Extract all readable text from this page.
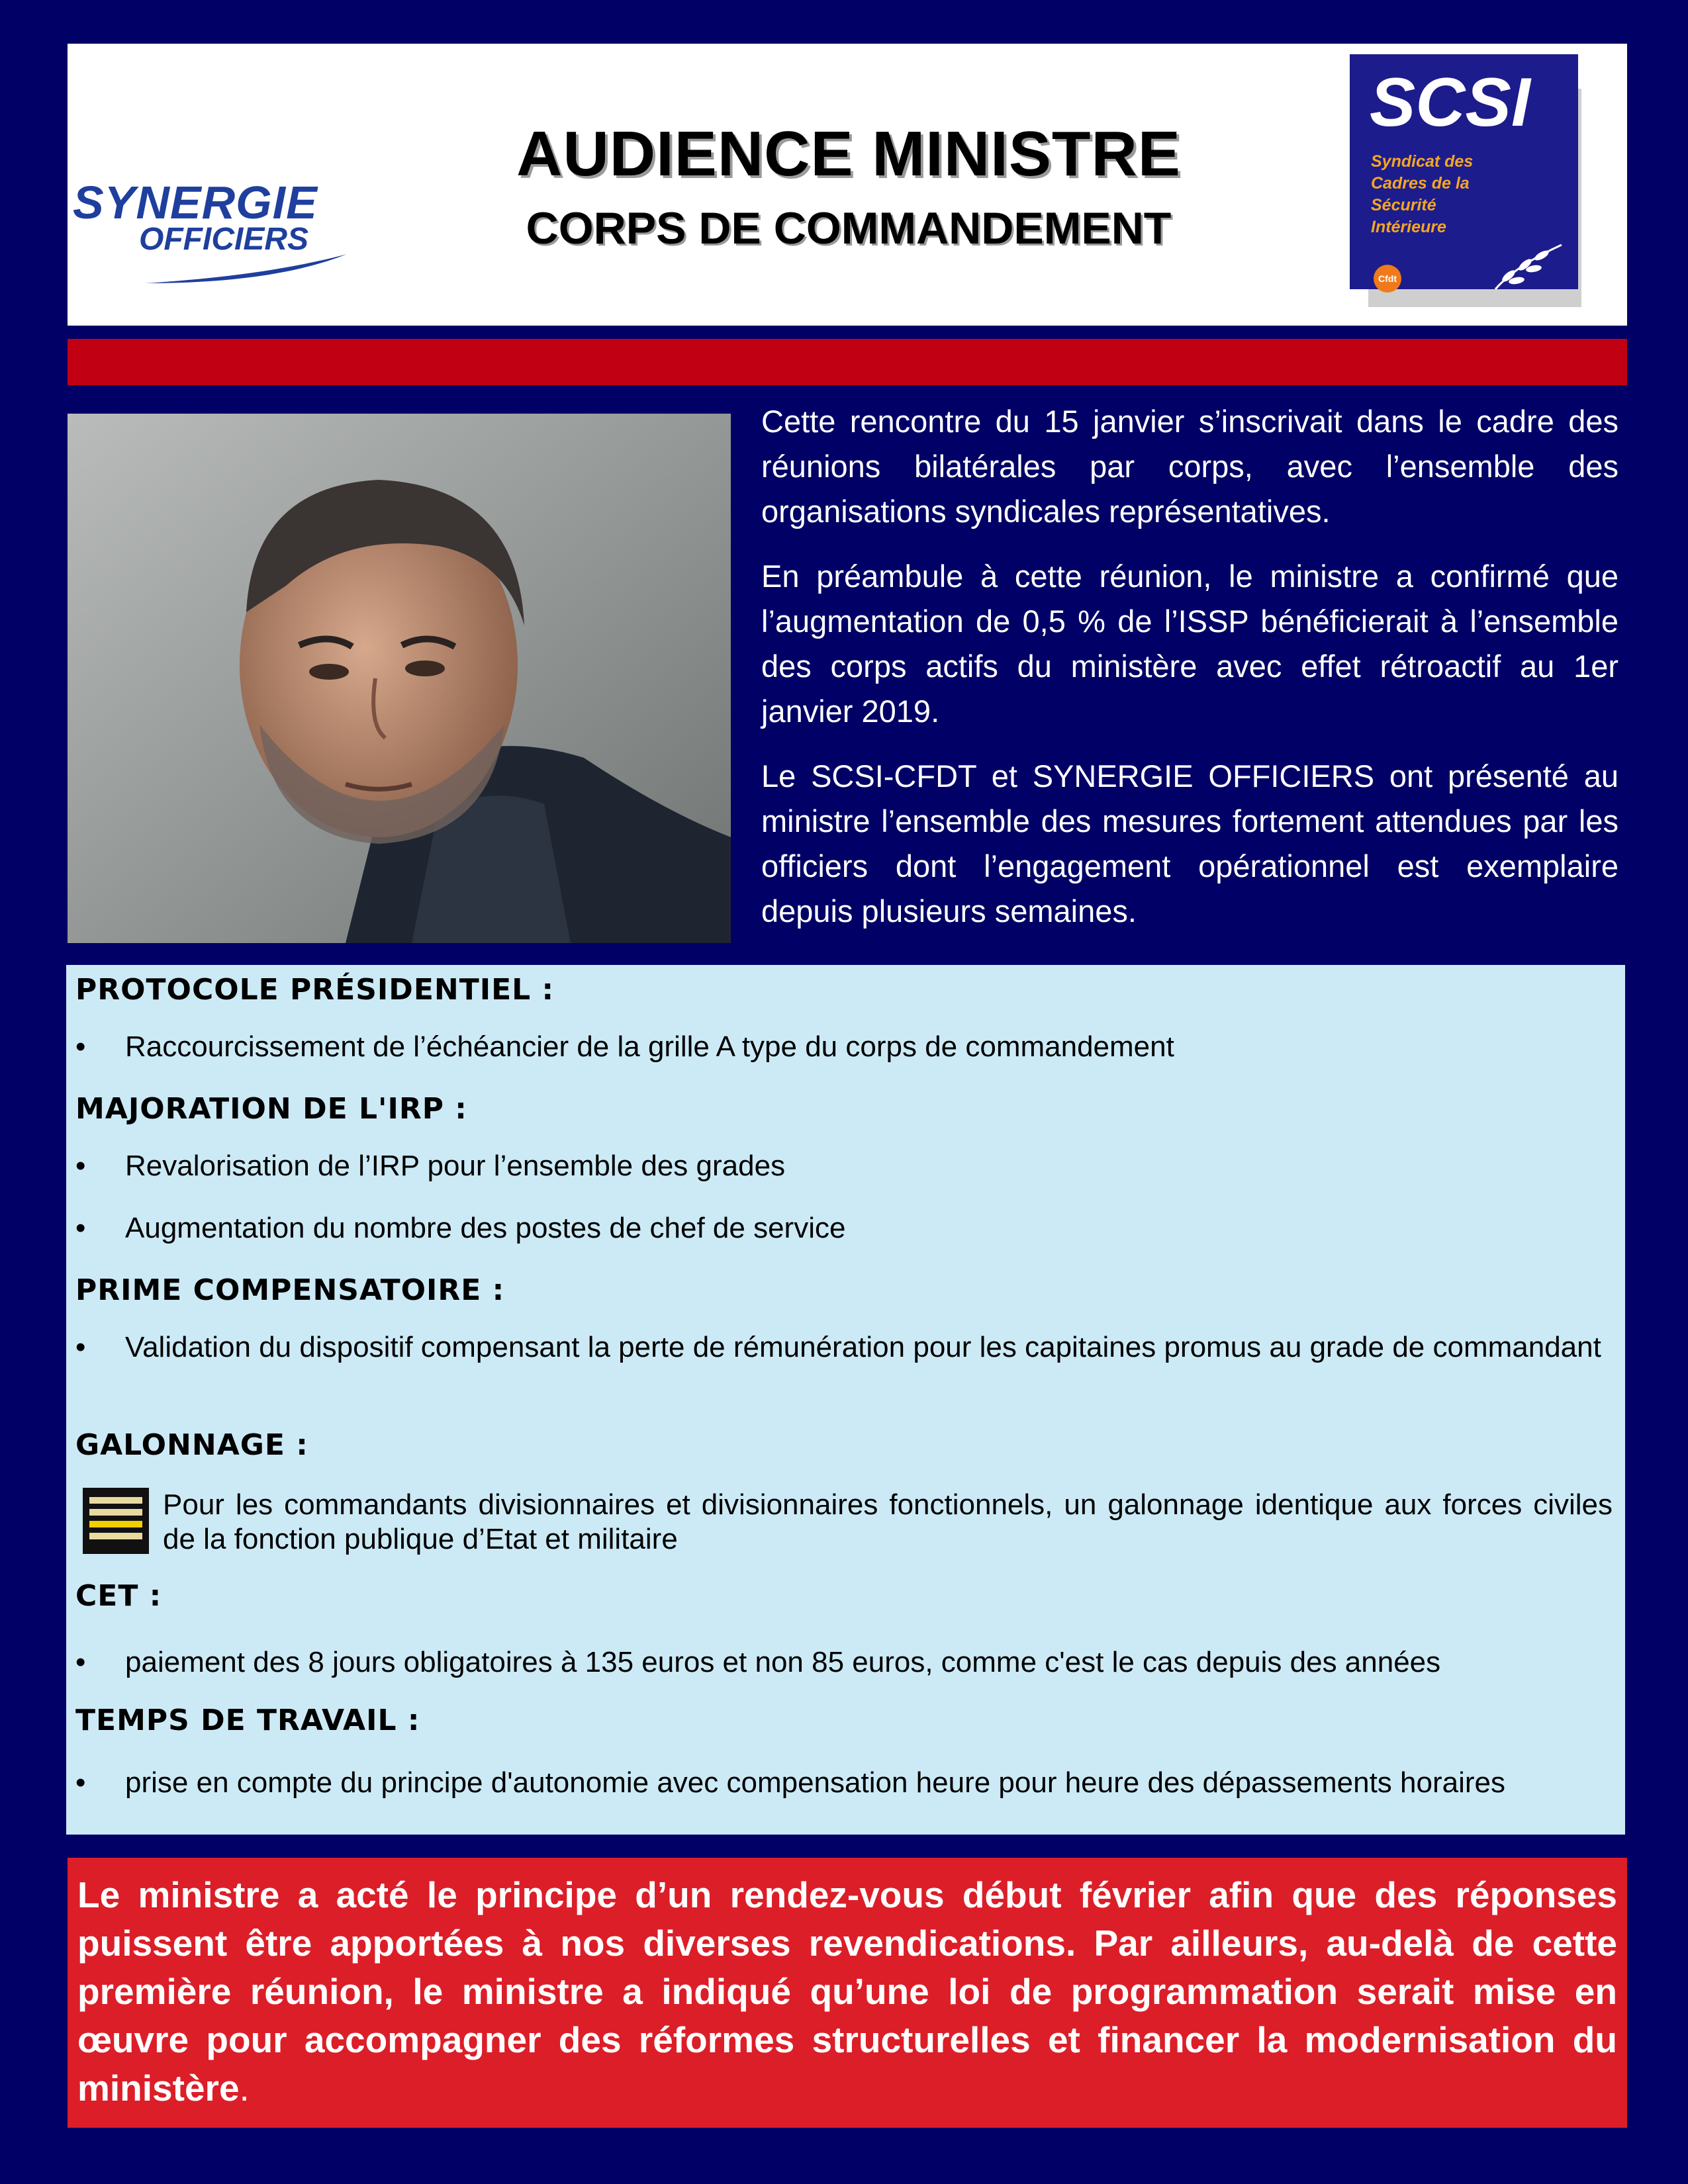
SYNERGIE
OFFICIERS
AUDIENCE MINISTRE
CORPS DE COMMANDEMENT
SCSI
Syndicat des
Cadres de la
Sécurité
Intérieure
Cfdt

Cette rencontre du 15 janvier s’inscrivait dans le cadre des réunions bilatérales par corps, avec l’ensemble des organisations syndicales représentatives.

En préambule à cette réunion, le ministre a confirmé que l’augmentation de 0,5 % de l’ISSP bénéficierait à l’ensemble des corps actifs du ministère avec effet rétroactif au 1er janvier 2019.

Le SCSI-CFDT et SYNERGIE OFFICIERS ont présenté au ministre l’ensemble des mesures fortement attendues par les officiers dont l’engagement opérationnel est exemplaire depuis plusieurs semaines.

PROTOCOLE PRÉSIDENTIEL :
•	Raccourcissement de l’échéancier de la grille A type du corps de commandement
MAJORATION DE L'IRP :
•	Revalorisation de l’IRP pour l’ensemble des grades
•	Augmentation du nombre des postes de chef de service
PRIME COMPENSATOIRE :
•	Validation du dispositif compensant la perte de rémunération pour les capitaines promus au grade de commandant
GALONNAGE :
Pour les commandants divisionnaires et divisionnaires fonctionnels, un galonnage identique aux forces civiles de la fonction publique d’Etat et militaire
CET :
•	paiement des 8 jours obligatoires à 135 euros et non 85 euros, comme c'est le cas depuis des années
TEMPS DE TRAVAIL :
•	prise en compte du principe d'autonomie avec compensation heure pour heure des dépassements horaires
Le ministre a acté le principe d’un rendez-vous début février afin que des réponses puissent être apportées à nos diverses revendications. Par ailleurs, au-delà de cette première réunion, le ministre a indiqué qu’une loi de programmation serait mise en œuvre pour accompagner des réformes structurelles et financer la modernisation du ministère.
